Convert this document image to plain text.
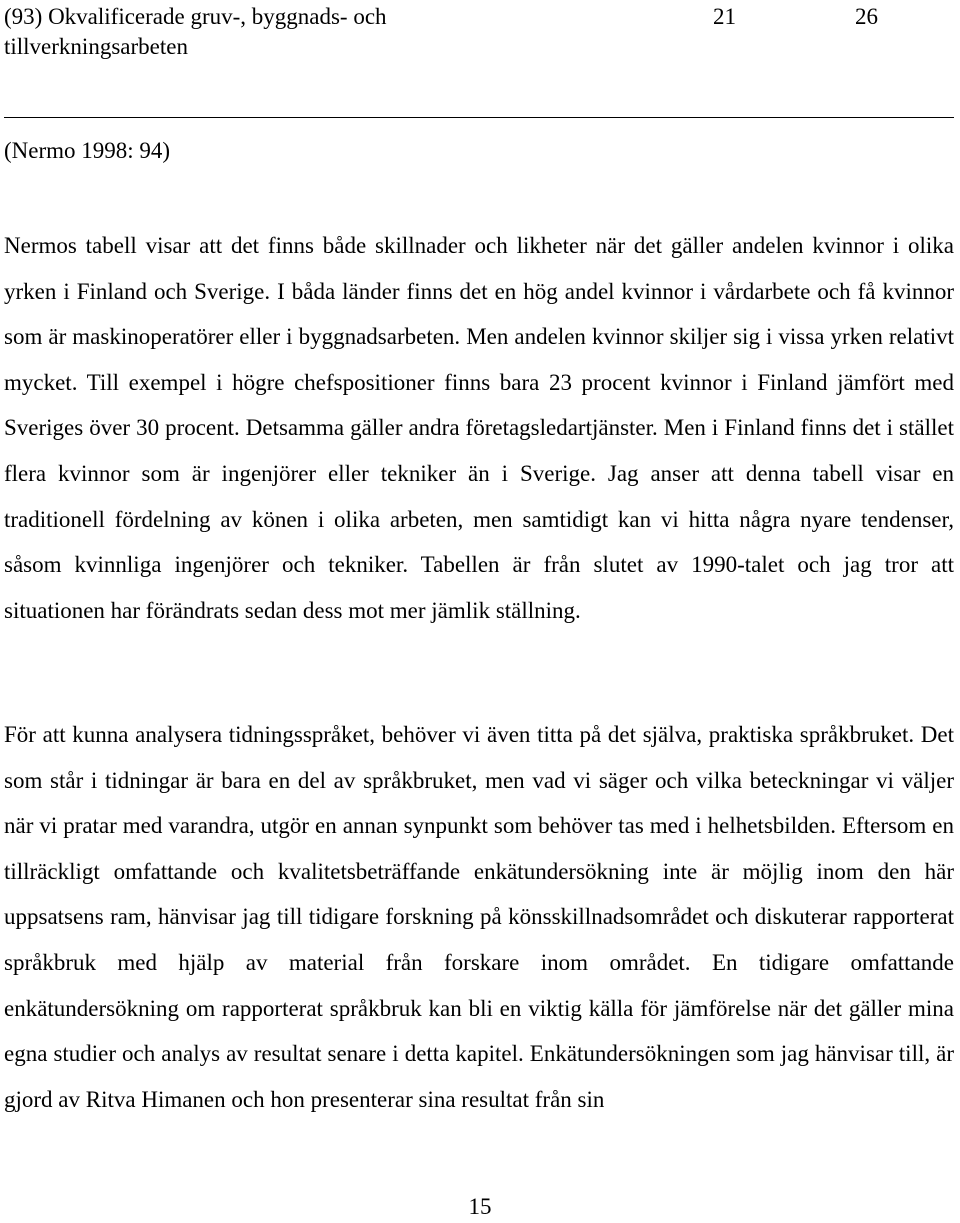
(93) Okvalificerade gruv-, byggnads- och tillverkningsarbeten
21	26
(Nermo 1998: 94)

Nermos tabell visar att det finns både skillnader och likheter när det gäller andelen kvinnor i olika yrken i Finland och Sverige. I båda länder finns det en hög andel kvinnor i vårdarbete och få kvinnor som är maskinoperatörer eller i byggnadsarbeten. Men andelen kvinnor skiljer sig i vissa yrken relativt mycket. Till exempel i högre chefspositioner finns bara 23 procent kvinnor i Finland jämfört med Sveriges över 30 procent. Detsamma gäller andra företagsledartjänster. Men i Finland finns det i stället flera kvinnor som är ingenjörer eller tekniker än i Sverige. Jag anser att denna tabell visar en traditionell fördelning av könen i olika arbeten, men samtidigt kan vi hitta några nyare tendenser, såsom kvinnliga ingenjörer och tekniker. Tabellen är från slutet av 1990-talet och jag tror att situationen har förändrats sedan dess mot mer jämlik ställning.

För att kunna analysera tidningsspråket, behöver vi även titta på det själva, praktiska språkbruket. Det som står i tidningar är bara en del av språkbruket, men vad vi säger och vilka beteckningar vi väljer när vi pratar med varandra, utgör en annan synpunkt som behöver tas med i helhetsbilden. Eftersom en tillräckligt omfattande och kvalitetsbeträffande enkätundersökning inte är möjlig inom den här uppsatsens ram, hänvisar jag till tidigare forskning på könsskillnadsområdet och diskuterar rapporterat språkbruk med hjälp av material från forskare inom området. En tidigare omfattande enkätundersökning om rapporterat språkbruk kan bli en viktig källa för jämförelse när det gäller mina egna studier och analys av resultat senare i detta kapitel. Enkätundersökningen som jag hänvisar till, är gjord av Ritva Himanen och hon presenterar sina resultat från sin

15
